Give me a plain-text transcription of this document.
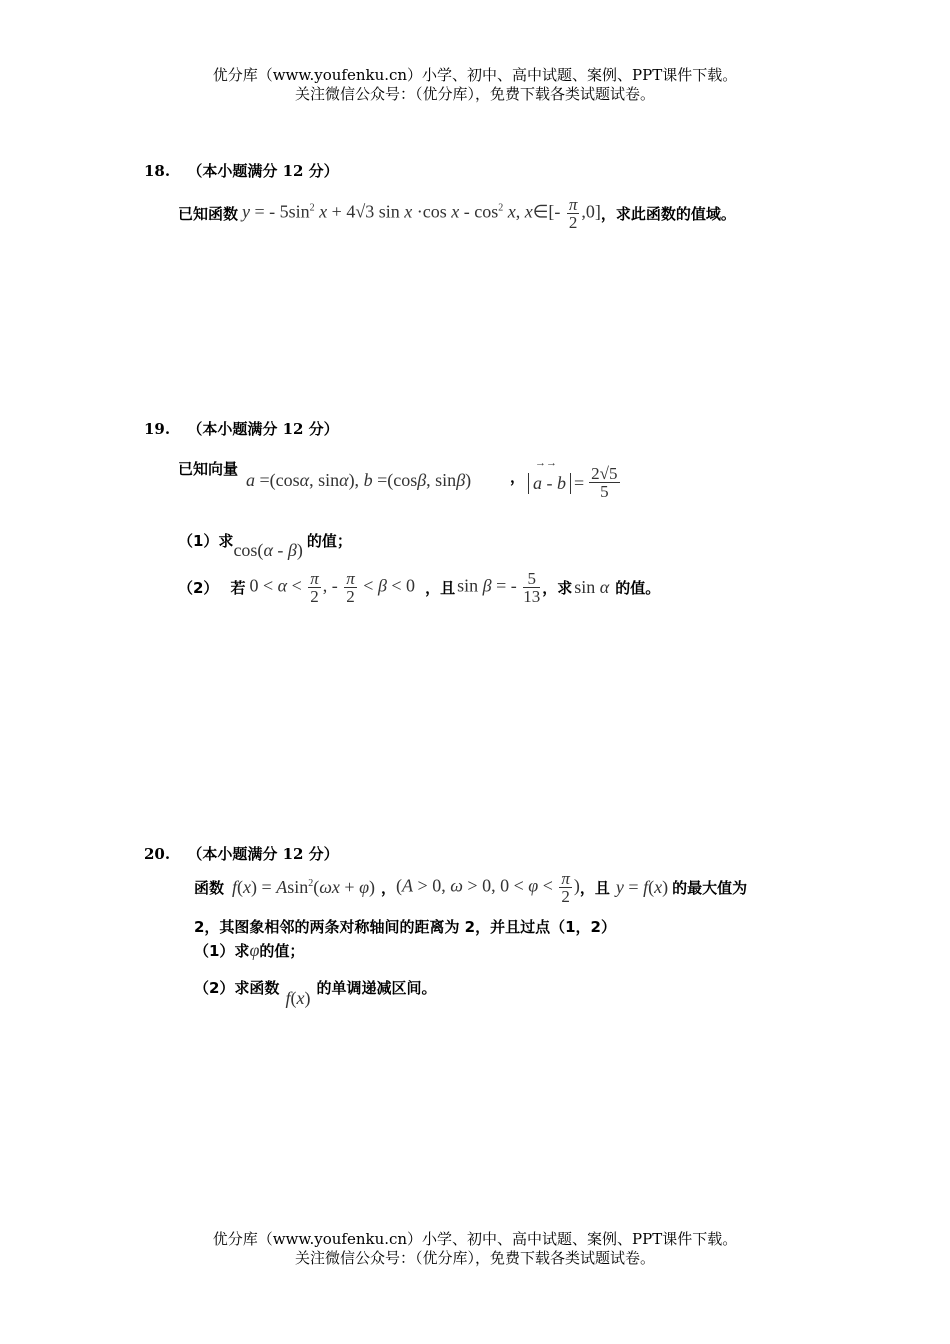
优分库（www.youfenku.cn）小学、初中、高中试题、案例、PPT课件下载。
关注微信公众号：（优分库），免费下载各类试题试卷。
18. （本小题满分 12 分）
已知函数 y = - $5\sin^2$ x + 4√3 sin x ·cos x - $\cos^2 x$, x∈[- $\frac{\pi}{2} ,0$] ，求此函数的值域。
19. （本小题满分 12 分）
已知向量
a =(cosα, sinα), b =(cosβ, sinβ)	，
→→
$a - b = \frac{2√5}{5}$
（1）求 cos(α - β) 的值；
（2） 若 $0 < \alpha < \frac{\pi}{2}$ , - $\frac{\pi}{2} < \beta < 0$ ，且 sin β = - $\frac{5}{13}$ ，求 sin α 的值。
20. （本小题满分 12 分）
函数 f(x) = Asin$^2$(ωx + φ) ， (A > 0, ω > 0, $0 < \varphi < \frac{\pi}{2}$ ) ，且 y = f(x) 的最大值为
2，其图象相邻的两条对称轴间的距离为 2，并且过点（1，2）
（1）求 φ 的值；
（2）求函数 f(x) 的单调递减区间。
优分库（www.youfenku.cn）小学、初中、高中试题、案例、PPT课件下载。
关注微信公众号：（优分库），免费下载各类试题试卷。
